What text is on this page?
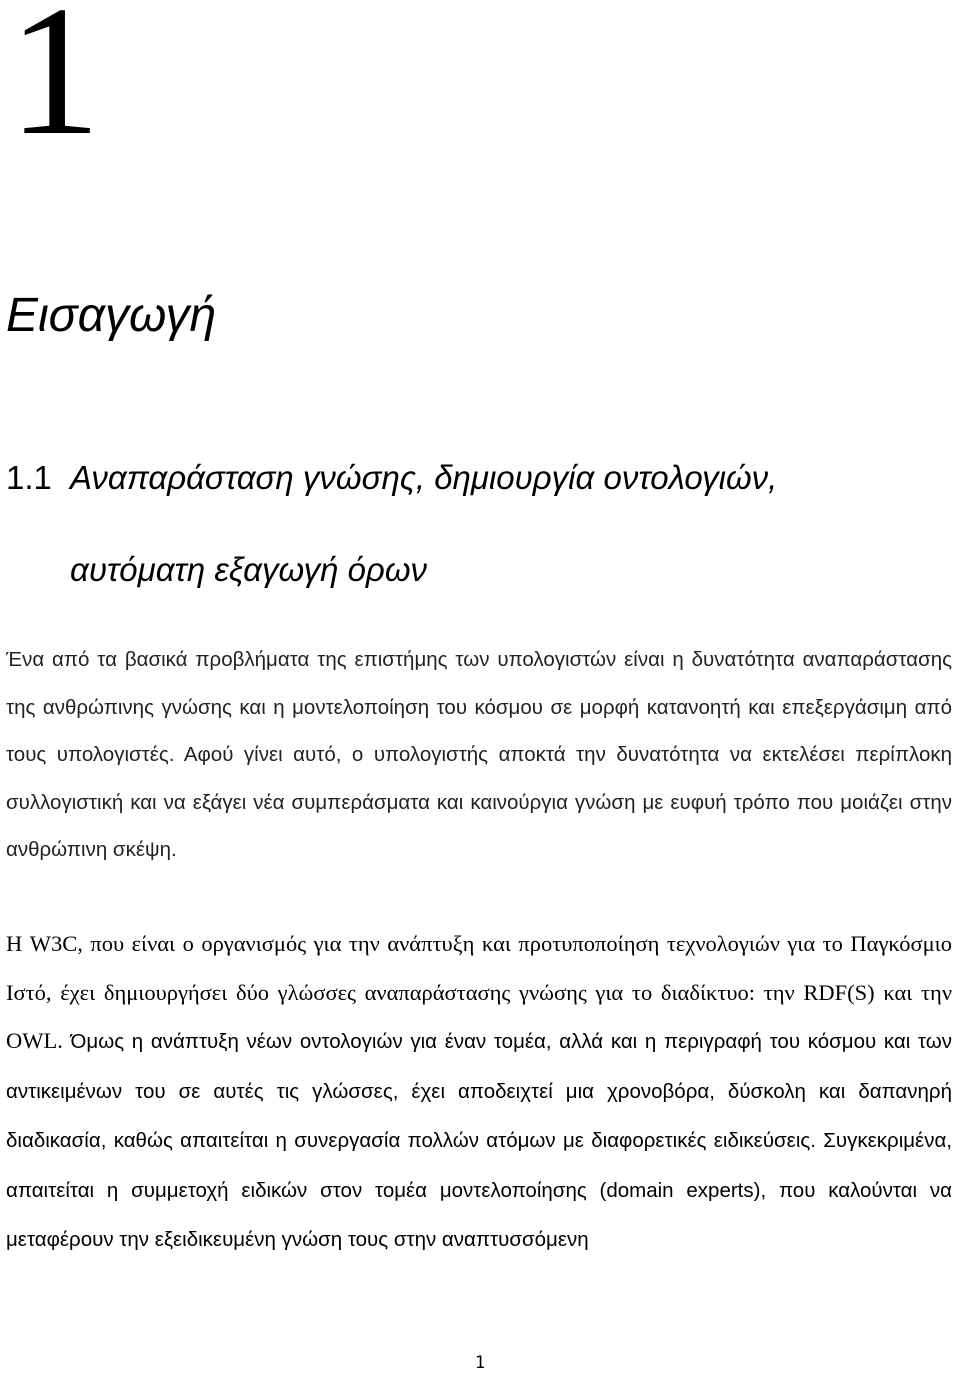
1
Εισαγωγή
1.1 Αναπαράσταση γνώσης, δημιουργία οντολογιών,
αυτόματη εξαγωγή όρων

Ένα από τα βασικά προβλήματα της επιστήμης των υπολογιστών είναι η δυνατότητα αναπαράστασης της ανθρώπινης γνώσης και η μοντελοποίηση του κόσμου σε μορφή κατανοητή και επεξεργάσιμη από τους υπολογιστές. Αφού γίνει αυτό, ο υπολογιστής αποκτά την δυνατότητα να εκτελέσει περίπλοκη συλλογιστική και να εξάγει νέα συμπεράσματα και καινούργια γνώση με ευφυή τρόπο που μοιάζει στην ανθρώπινη σκέψη.

Η W3C, που είναι ο οργανισμός για την ανάπτυξη και προτυποποίηση τεχνολογιών για το Παγκόσμιο Ιστό, έχει δημιουργήσει δύο γλώσσες αναπαράστασης γνώσης για το διαδίκτυο: την RDF(S) και την OWL. Όμως η ανάπτυξη νέων οντολογιών για έναν τομέα, αλλά και η περιγραφή του κόσμου και των αντικειμένων του σε αυτές τις γλώσσες, έχει αποδειχτεί μια χρονοβόρα, δύσκολη και δαπανηρή διαδικασία, καθώς απαιτείται η συνεργασία πολλών ατόμων με διαφορετικές ειδικεύσεις. Συγκεκριμένα, απαιτείται η συμμετοχή ειδικών στον τομέα μοντελοποίησης (domain experts), που καλούνται να μεταφέρουν την εξειδικευμένη γνώση τους στην αναπτυσσόμενη

1
